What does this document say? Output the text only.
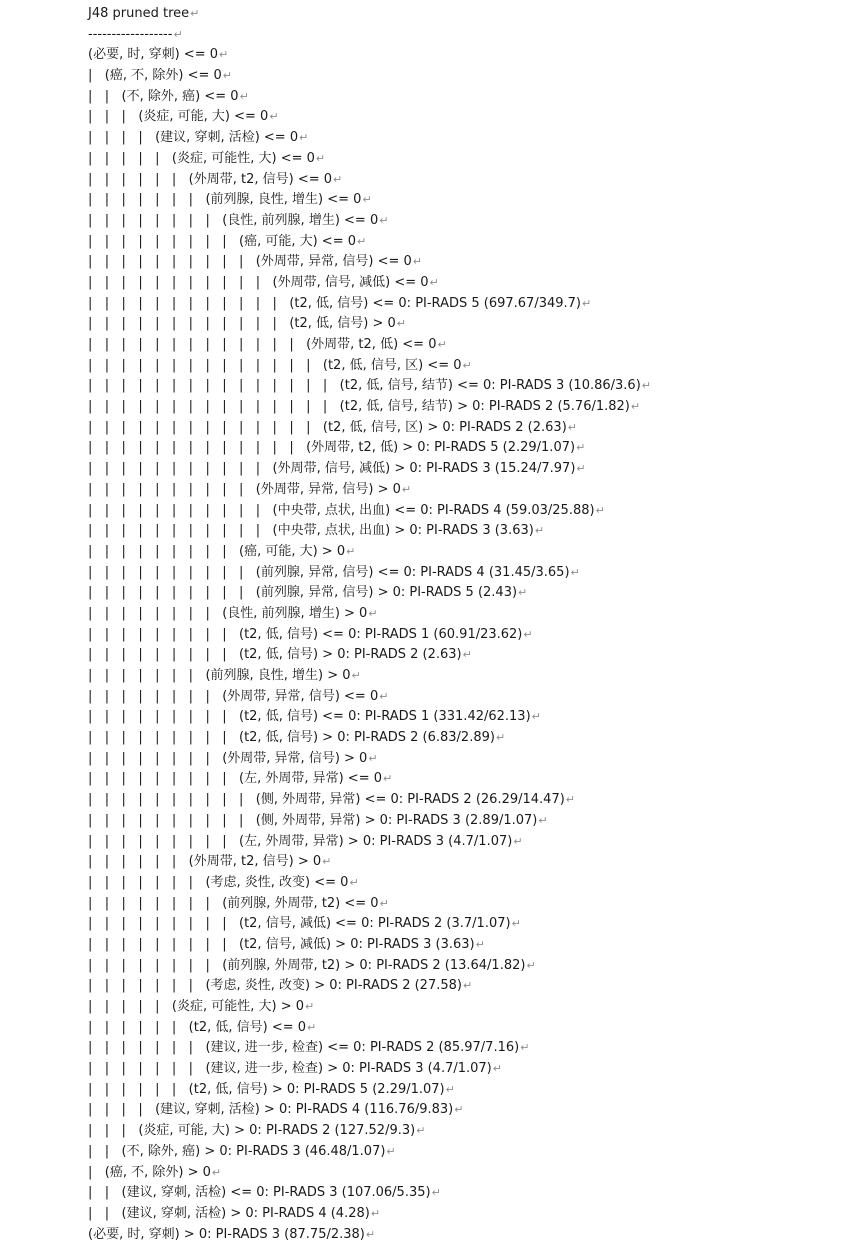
J48 pruned tree↵
------------------↵
(必要, 时, 穿刺) <= 0↵
|   (癌, 不, 除外) <= 0↵
|   |   (不, 除外, 癌) <= 0↵
|   |   |   (炎症, 可能, 大) <= 0↵
|   |   |   |   (建议, 穿刺, 活检) <= 0↵
|   |   |   |   |   (炎症, 可能性, 大) <= 0↵
|   |   |   |   |   |   (外周带, t2, 信号) <= 0↵
|   |   |   |   |   |   |   (前列腺, 良性, 增生) <= 0↵
|   |   |   |   |   |   |   |   (良性, 前列腺, 增生) <= 0↵
|   |   |   |   |   |   |   |   |   (癌, 可能, 大) <= 0↵
|   |   |   |   |   |   |   |   |   |   (外周带, 异常, 信号) <= 0↵
|   |   |   |   |   |   |   |   |   |   |   (外周带, 信号, 减低) <= 0↵
|   |   |   |   |   |   |   |   |   |   |   |   (t2, 低, 信号) <= 0: PI-RADS 5 (697.67/349.7)↵
|   |   |   |   |   |   |   |   |   |   |   |   (t2, 低, 信号) > 0↵
|   |   |   |   |   |   |   |   |   |   |   |   |   (外周带, t2, 低) <= 0↵
|   |   |   |   |   |   |   |   |   |   |   |   |   |   (t2, 低, 信号, 区) <= 0↵
|   |   |   |   |   |   |   |   |   |   |   |   |   |   |   (t2, 低, 信号, 结节) <= 0: PI-RADS 3 (10.86/3.6)↵
|   |   |   |   |   |   |   |   |   |   |   |   |   |   |   (t2, 低, 信号, 结节) > 0: PI-RADS 2 (5.76/1.82)↵
|   |   |   |   |   |   |   |   |   |   |   |   |   |   (t2, 低, 信号, 区) > 0: PI-RADS 2 (2.63)↵
|   |   |   |   |   |   |   |   |   |   |   |   |   (外周带, t2, 低) > 0: PI-RADS 5 (2.29/1.07)↵
|   |   |   |   |   |   |   |   |   |   |   (外周带, 信号, 减低) > 0: PI-RADS 3 (15.24/7.97)↵
|   |   |   |   |   |   |   |   |   |   (外周带, 异常, 信号) > 0↵
|   |   |   |   |   |   |   |   |   |   |   (中央带, 点状, 出血) <= 0: PI-RADS 4 (59.03/25.88)↵
|   |   |   |   |   |   |   |   |   |   |   (中央带, 点状, 出血) > 0: PI-RADS 3 (3.63)↵
|   |   |   |   |   |   |   |   |   (癌, 可能, 大) > 0↵
|   |   |   |   |   |   |   |   |   |   (前列腺, 异常, 信号) <= 0: PI-RADS 4 (31.45/3.65)↵
|   |   |   |   |   |   |   |   |   |   (前列腺, 异常, 信号) > 0: PI-RADS 5 (2.43)↵
|   |   |   |   |   |   |   |   (良性, 前列腺, 增生) > 0↵
|   |   |   |   |   |   |   |   |   (t2, 低, 信号) <= 0: PI-RADS 1 (60.91/23.62)↵
|   |   |   |   |   |   |   |   |   (t2, 低, 信号) > 0: PI-RADS 2 (2.63)↵
|   |   |   |   |   |   |   (前列腺, 良性, 增生) > 0↵
|   |   |   |   |   |   |   |   (外周带, 异常, 信号) <= 0↵
|   |   |   |   |   |   |   |   |   (t2, 低, 信号) <= 0: PI-RADS 1 (331.42/62.13)↵
|   |   |   |   |   |   |   |   |   (t2, 低, 信号) > 0: PI-RADS 2 (6.83/2.89)↵
|   |   |   |   |   |   |   |   (外周带, 异常, 信号) > 0↵
|   |   |   |   |   |   |   |   |   (左, 外周带, 异常) <= 0↵
|   |   |   |   |   |   |   |   |   |   (侧, 外周带, 异常) <= 0: PI-RADS 2 (26.29/14.47)↵
|   |   |   |   |   |   |   |   |   |   (侧, 外周带, 异常) > 0: PI-RADS 3 (2.89/1.07)↵
|   |   |   |   |   |   |   |   |   (左, 外周带, 异常) > 0: PI-RADS 3 (4.7/1.07)↵
|   |   |   |   |   |   (外周带, t2, 信号) > 0↵
|   |   |   |   |   |   |   (考虑, 炎性, 改变) <= 0↵
|   |   |   |   |   |   |   |   (前列腺, 外周带, t2) <= 0↵
|   |   |   |   |   |   |   |   |   (t2, 信号, 减低) <= 0: PI-RADS 2 (3.7/1.07)↵
|   |   |   |   |   |   |   |   |   (t2, 信号, 减低) > 0: PI-RADS 3 (3.63)↵
|   |   |   |   |   |   |   |   (前列腺, 外周带, t2) > 0: PI-RADS 2 (13.64/1.82)↵
|   |   |   |   |   |   |   (考虑, 炎性, 改变) > 0: PI-RADS 2 (27.58)↵
|   |   |   |   |   (炎症, 可能性, 大) > 0↵
|   |   |   |   |   |   (t2, 低, 信号) <= 0↵
|   |   |   |   |   |   |   (建议, 进一步, 检查) <= 0: PI-RADS 2 (85.97/7.16)↵
|   |   |   |   |   |   |   (建议, 进一步, 检查) > 0: PI-RADS 3 (4.7/1.07)↵
|   |   |   |   |   |   (t2, 低, 信号) > 0: PI-RADS 5 (2.29/1.07)↵
|   |   |   |   (建议, 穿刺, 活检) > 0: PI-RADS 4 (116.76/9.83)↵
|   |   |   (炎症, 可能, 大) > 0: PI-RADS 2 (127.52/9.3)↵
|   |   (不, 除外, 癌) > 0: PI-RADS 3 (46.48/1.07)↵
|   (癌, 不, 除外) > 0↵
|   |   (建议, 穿刺, 活检) <= 0: PI-RADS 3 (107.06/5.35)↵
|   |   (建议, 穿刺, 活检) > 0: PI-RADS 4 (4.28)↵
(必要, 时, 穿刺) > 0: PI-RADS 3 (87.75/2.38)↵
